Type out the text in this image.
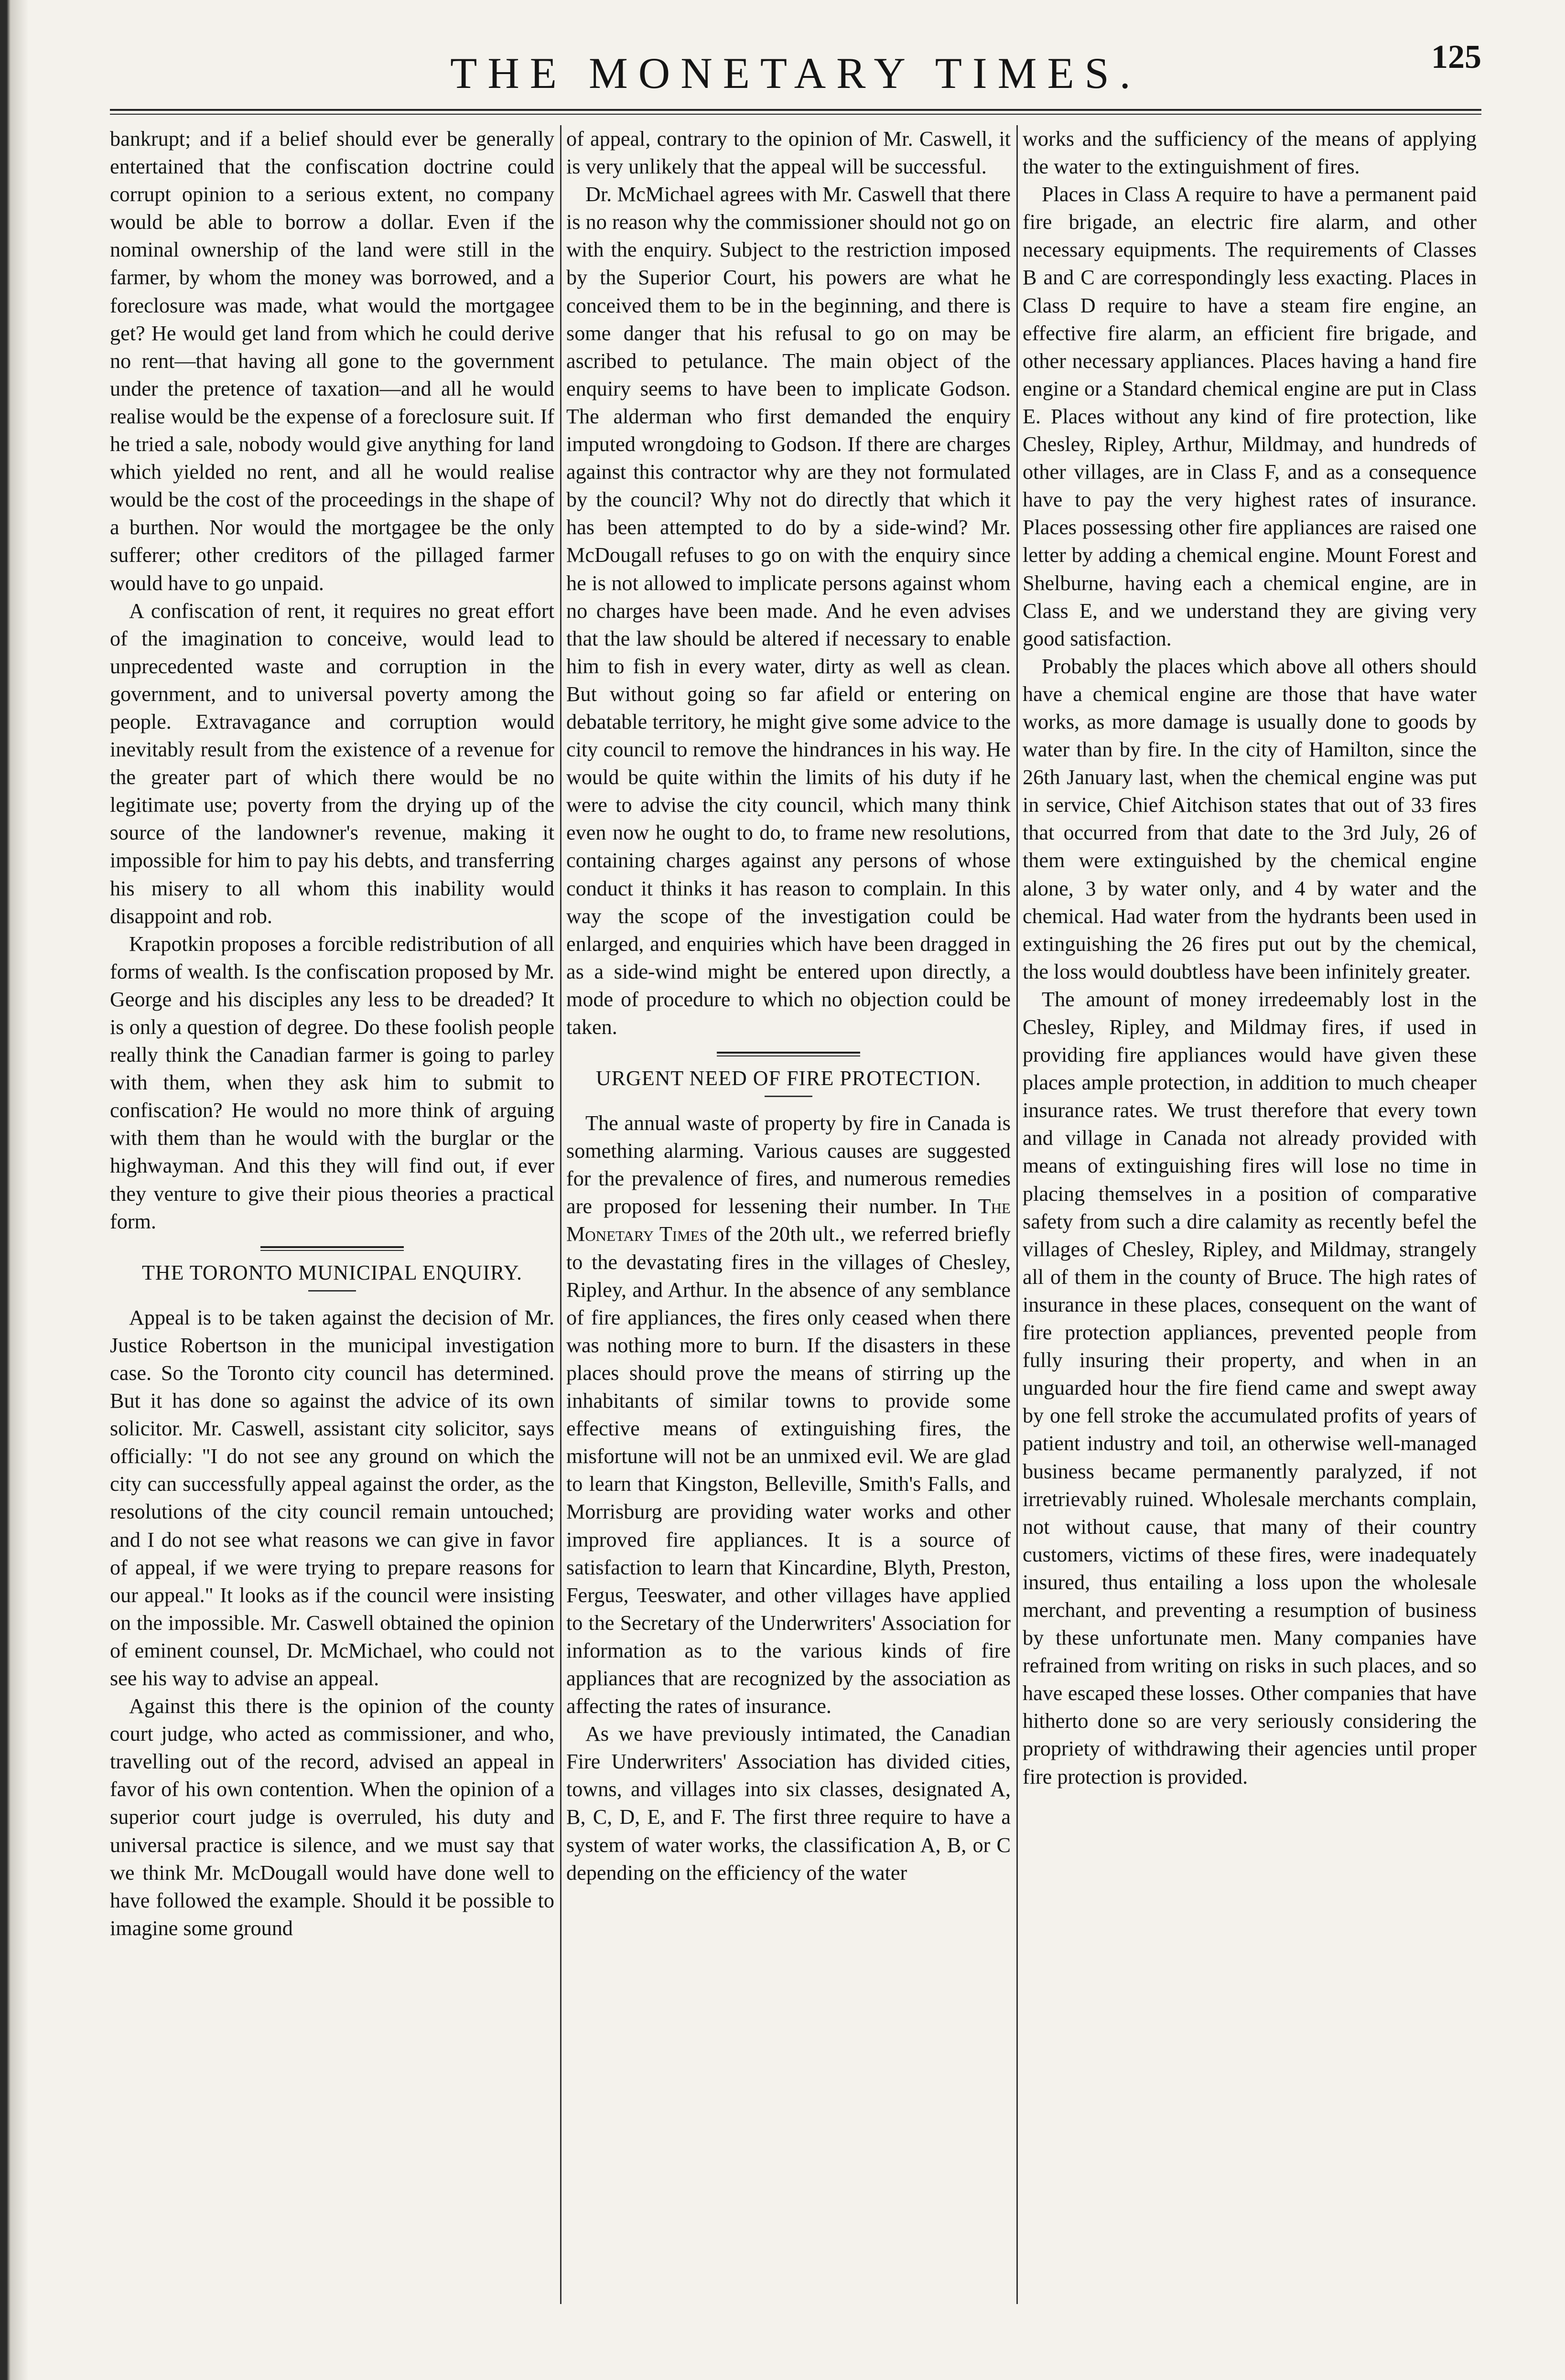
THE MONETARY TIMES.	125

bankrupt; and if a belief should ever be generally entertained that the confiscation doctrine could corrupt opinion to a serious extent, no company would be able to borrow a dollar. Even if the nominal ownership of the land were still in the farmer, by whom the money was borrowed, and a foreclosure was made, what would the mortgagee get? He would get land from which he could derive no rent—that having all gone to the government under the pretence of taxation—and all he would realise would be the expense of a foreclosure suit. If he tried a sale, nobody would give anything for land which yielded no rent, and all he would realise would be the cost of the proceedings in the shape of a burthen. Nor would the mortgagee be the only sufferer; other creditors of the pillaged farmer would have to go unpaid.

A confiscation of rent, it requires no great effort of the imagination to conceive, would lead to unprecedented waste and corruption in the government, and to universal poverty among the people. Extravagance and corruption would inevitably result from the existence of a revenue for the greater part of which there would be no legitimate use; poverty from the drying up of the source of the landowner's revenue, making it impossible for him to pay his debts, and transferring his misery to all whom this inability would disappoint and rob.

Krapotkin proposes a forcible redistribution of all forms of wealth. Is the confiscation proposed by Mr. George and his disciples any less to be dreaded? It is only a question of degree. Do these foolish people really think the Canadian farmer is going to parley with them, when they ask him to submit to confiscation? He would no more think of arguing with them than he would with the burglar or the highwayman. And this they will find out, if ever they venture to give their pious theories a practical form.

THE TORONTO MUNICIPAL ENQUIRY.

Appeal is to be taken against the decision of Mr. Justice Robertson in the municipal investigation case. So the Toronto city council has determined. But it has done so against the advice of its own solicitor. Mr. Caswell, assistant city solicitor, says officially: "I do not see any ground on which the city can successfully appeal against the order, as the resolutions of the city council remain untouched; and I do not see what reasons we can give in favor of appeal, if we were trying to prepare reasons for our appeal." It looks as if the council were insisting on the impossible. Mr. Caswell obtained the opinion of eminent counsel, Dr. McMichael, who could not see his way to advise an appeal.

Against this there is the opinion of the county court judge, who acted as commissioner, and who, travelling out of the record, advised an appeal in favor of his own contention. When the opinion of a superior court judge is overruled, his duty and universal practice is silence, and we must say that we think Mr. McDougall would have done well to have followed the example. Should it be possible to imagine some ground

of appeal, contrary to the opinion of Mr. Caswell, it is very unlikely that the appeal will be successful.

Dr. McMichael agrees with Mr. Caswell that there is no reason why the commissioner should not go on with the enquiry. Subject to the restriction imposed by the Superior Court, his powers are what he conceived them to be in the beginning, and there is some danger that his refusal to go on may be ascribed to petulance. The main object of the enquiry seems to have been to implicate Godson. The alderman who first demanded the enquiry imputed wrongdoing to Godson. If there are charges against this contractor why are they not formulated by the council? Why not do directly that which it has been attempted to do by a side-wind? Mr. McDougall refuses to go on with the enquiry since he is not allowed to implicate persons against whom no charges have been made. And he even advises that the law should be altered if necessary to enable him to fish in every water, dirty as well as clean. But without going so far afield or entering on debatable territory, he might give some advice to the city council to remove the hindrances in his way. He would be quite within the limits of his duty if he were to advise the city council, which many think even now he ought to do, to frame new resolutions, containing charges against any persons of whose conduct it thinks it has reason to complain. In this way the scope of the investigation could be enlarged, and enquiries which have been dragged in as a side-wind might be entered upon directly, a mode of procedure to which no objection could be taken.

URGENT NEED OF FIRE PROTECTION.

The annual waste of property by fire in Canada is something alarming. Various causes are suggested for the prevalence of fires, and numerous remedies are proposed for lessening their number. In The Monetary Times of the 20th ult., we referred briefly to the devastating fires in the villages of Chesley, Ripley, and Arthur. In the absence of any semblance of fire appliances, the fires only ceased when there was nothing more to burn. If the disasters in these places should prove the means of stirring up the inhabitants of similar towns to provide some effective means of extinguishing fires, the misfortune will not be an unmixed evil. We are glad to learn that Kingston, Belleville, Smith's Falls, and Morrisburg are providing water works and other improved fire appliances. It is a source of satisfaction to learn that Kincardine, Blyth, Preston, Fergus, Teeswater, and other villages have applied to the Secretary of the Underwriters' Association for information as to the various kinds of fire appliances that are recognized by the association as affecting the rates of insurance.

As we have previously intimated, the Canadian Fire Underwriters' Association has divided cities, towns, and villages into six classes, designated A, B, C, D, E, and F. The first three require to have a system of water works, the classification A, B, or C depending on the efficiency of the water

works and the sufficiency of the means of applying the water to the extinguishment of fires.

Places in Class A require to have a permanent paid fire brigade, an electric fire alarm, and other necessary equipments. The requirements of Classes B and C are correspondingly less exacting. Places in Class D require to have a steam fire engine, an effective fire alarm, an efficient fire brigade, and other necessary appliances. Places having a hand fire engine or a Standard chemical engine are put in Class E. Places without any kind of fire protection, like Chesley, Ripley, Arthur, Mildmay, and hundreds of other villages, are in Class F, and as a consequence have to pay the very highest rates of insurance. Places possessing other fire appliances are raised one letter by adding a chemical engine. Mount Forest and Shelburne, having each a chemical engine, are in Class E, and we understand they are giving very good satisfaction.

Probably the places which above all others should have a chemical engine are those that have water works, as more damage is usually done to goods by water than by fire. In the city of Hamilton, since the 26th January last, when the chemical engine was put in service, Chief Aitchison states that out of 33 fires that occurred from that date to the 3rd July, 26 of them were extinguished by the chemical engine alone, 3 by water only, and 4 by water and the chemical. Had water from the hydrants been used in extinguishing the 26 fires put out by the chemical, the loss would doubtless have been infinitely greater.

The amount of money irredeemably lost in the Chesley, Ripley, and Mildmay fires, if used in providing fire appliances would have given these places ample protection, in addition to much cheaper insurance rates. We trust therefore that every town and village in Canada not already provided with means of extinguishing fires will lose no time in placing themselves in a position of comparative safety from such a dire calamity as recently befel the villages of Chesley, Ripley, and Mildmay, strangely all of them in the county of Bruce. The high rates of insurance in these places, consequent on the want of fire protection appliances, prevented people from fully insuring their property, and when in an unguarded hour the fire fiend came and swept away by one fell stroke the accumulated profits of years of patient industry and toil, an otherwise well-managed business became permanently paralyzed, if not irretrievably ruined. Wholesale merchants complain, not without cause, that many of their country customers, victims of these fires, were inadequately insured, thus entailing a loss upon the wholesale merchant, and preventing a resumption of business by these unfortunate men. Many companies have refrained from writing on risks in such places, and so have escaped these losses. Other companies that have hitherto done so are very seriously considering the propriety of withdrawing their agencies until proper fire protection is provided.
